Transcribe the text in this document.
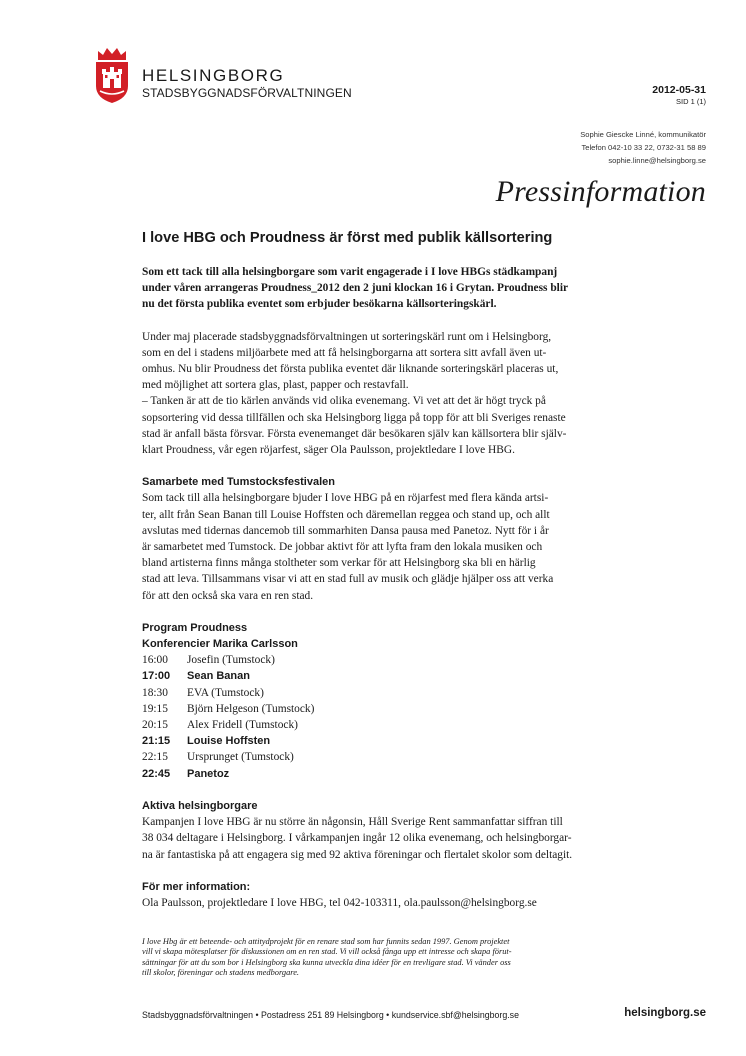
HELSINGBORG
STADSBYGGNADSFÖRVALTNINGEN	2012-05-31
SID 1 (1)
Sophie Giescke Linné, kommunikatör
Telefon 042-10 33 22, 0732-31 58 89
sophie.linne@helsingborg.se
Pressinformation
I love HBG och Proudness är först med publik källsortering

Som ett tack till alla helsingborgare som varit engagerade i I love HBGs städkampanj
under våren arrangeras Proudness_2012 den 2 juni klockan 16 i Grytan. Proudness blir
nu det första publika eventet som erbjuder besökarna källsorteringskärl.

Under maj placerade stadsbyggnadsförvaltningen ut sorteringskärl runt om i Helsingborg,
som en del i stadens miljöarbete med att få helsingborgarna att sortera sitt avfall även ut-
omhus. Nu blir Proudness det första publika eventet där liknande sorteringskärl placeras ut,
med möjlighet att sortera glas, plast, papper och restavfall.
– Tanken är att de tio kärlen används vid olika evenemang. Vi vet att det är högt tryck på
sopsortering vid dessa tillfällen och ska Helsingborg ligga på topp för att bli Sveriges renaste
stad är anfall bästa försvar. Första evenemanget där besökaren själv kan källsortera blir själv-
klart Proudness, vår egen röjarfest, säger Ola Paulsson, projektledare I love HBG.

Samarbete med Tumstocksfestivalen
Som tack till alla helsingborgare bjuder I love HBG på en röjarfest med flera kända artsi-
ter, allt från Sean Banan till Louise Hoffsten och däremellan reggea och stand up, och allt
avslutas med tidernas dancemob till sommarhiten Dansa pausa med Panetoz. Nytt för i år
är samarbetet med Tumstock. De jobbar aktivt för att lyfta fram den lokala musiken och
bland artisterna finns många stoltheter som verkar för att Helsingborg ska bli en härlig
stad att leva. Tillsammans visar vi att en stad full av musik och glädje hjälper oss att verka
för att den också ska vara en ren stad.

Program Proudness
Konferencier Marika Carlsson
16:00	Josefin (Tumstock)
17:00	Sean Banan
18:30	EVA (Tumstock)
19:15	Björn Helgeson (Tumstock)
20:15	Alex Fridell (Tumstock)
21:15	Louise Hoffsten
22:15	Ursprunget (Tumstock)
22:45	Panetoz

Aktiva helsingborgare
Kampanjen I love HBG är nu större än någonsin, Håll Sverige Rent sammanfattar siffran till
38 034 deltagare i Helsingborg. I vårkampanjen ingår 12 olika evenemang, och helsingborgar-
na är fantastiska på att engagera sig med 92 aktiva föreningar och flertalet skolor som deltagit.

För mer information:
Ola Paulsson, projektledare I love HBG, tel 042-103311, ola.paulsson@helsingborg.se

I love Hbg är ett beteende- och attitydprojekt för en renare stad som har funnits sedan 1997. Genom projektet
vill vi skapa mötesplatser för diskussionen om en ren stad. Vi vill också fånga upp ett intresse och skapa förut-
sättningar för att du som bor i Helsingborg ska kunna utveckla dina idéer för en trevligare stad. Vi vänder oss
till skolor, föreningar och stadens medborgare.
Stadsbyggnadsförvaltningen • Postadress 251 89 Helsingborg • kundservice.sbf@helsingborg.se	helsingborg.se
